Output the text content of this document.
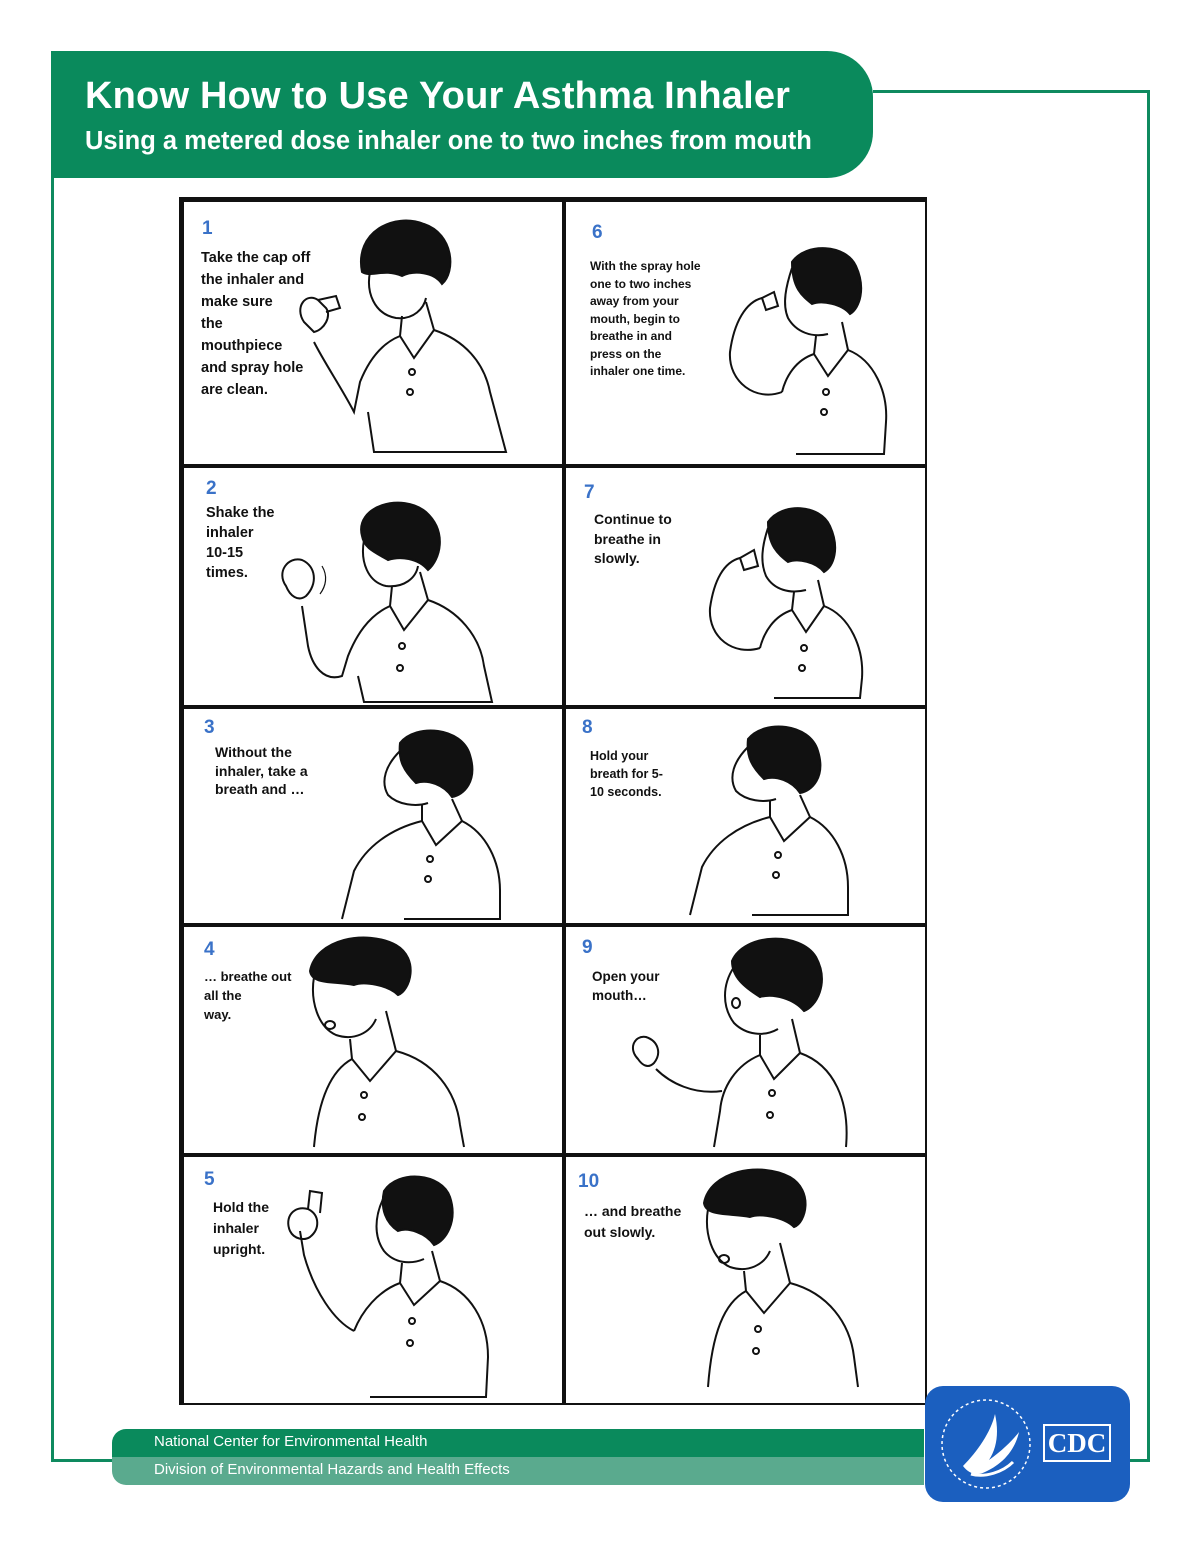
Know How to Use Your Asthma Inhaler
Using a metered dose inhaler one to two inches from mouth
1
Take the cap off
the inhaler and
make sure
the
mouthpiece
and spray hole
are clean.
6
With the spray hole
one to two inches
away from your
mouth, begin to
breathe in and
press on the
inhaler one time.
2
Shake the
inhaler
10-15
times.
7
Continue to
breathe in
slowly.
3
Without the
inhaler, take a
breath and …
8
Hold your
breath for 5-
10 seconds.
4
… breathe out
all the
way.
9
Open your
mouth…
5
Hold the
inhaler
upright.
10
… and breathe
out slowly.
National Center for Environmental Health
Division of Environmental Hazards and Health Effects
CDC
